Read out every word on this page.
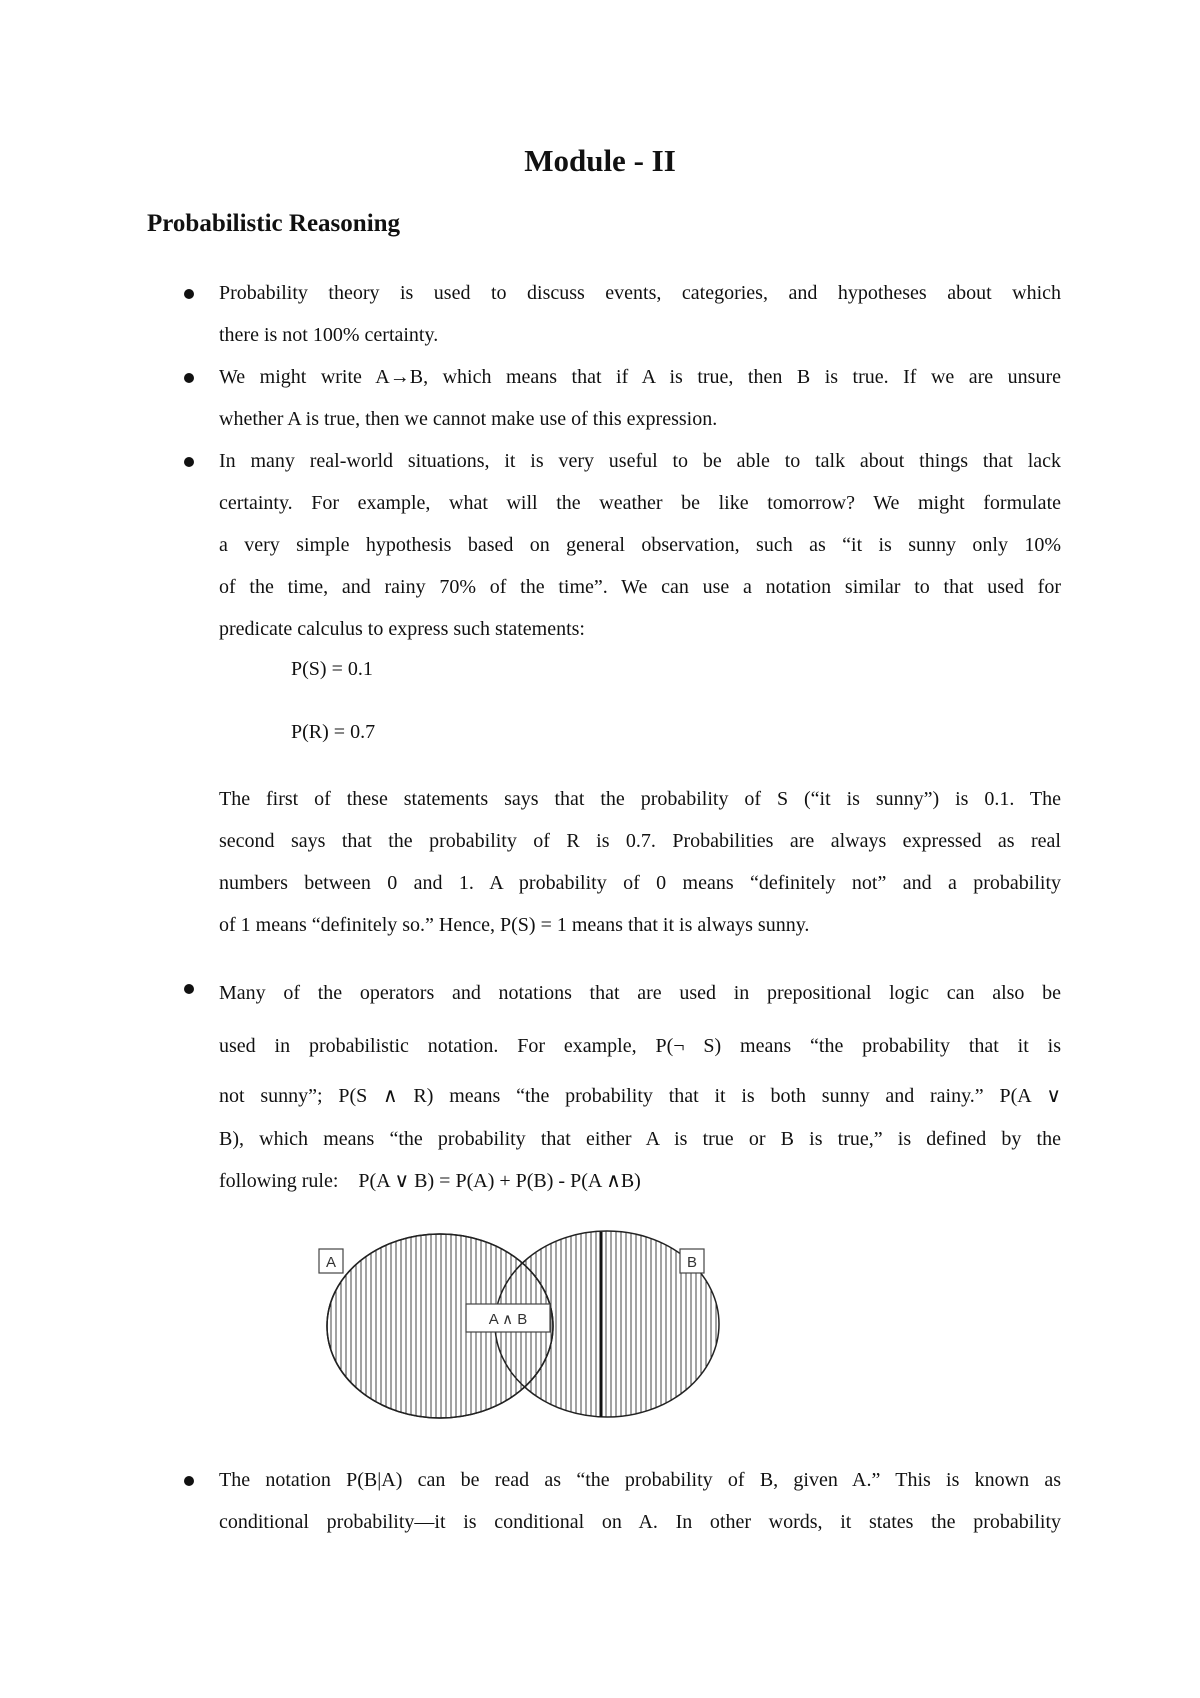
Module - II
Probabilistic Reasoning
Probability theory is used to discuss events, categories, and hypotheses about which
there is not 100% certainty.
We might write A→B, which means that if A is true, then B is true. If we are unsure
whether A is true, then we cannot make use of this expression.
In many real-world situations, it is very useful to be able to talk about things that lack
certainty. For example, what will the weather be like tomorrow? We might formulate
a very simple hypothesis based on general observation, such as “it is sunny only 10%
of the time, and rainy 70% of the time”. We can use a notation similar to that used for
predicate calculus to express such statements:
P(S) = 0.1
P(R) = 0.7
The first of these statements says that the probability of S (“it is sunny”) is 0.1. The
second says that the probability of R is 0.7. Probabilities are always expressed as real
numbers between 0 and 1. A probability of 0 means “definitely not” and a probability
of 1 means “definitely so.” Hence, P(S) = 1 means that it is always sunny.
Many of the operators and notations that are used in prepositional logic can also be
used in probabilistic notation. For example, P(¬ S) means “the probability that it is
not sunny”; P(S ∧ R) means “the probability that it is both sunny and rainy.” P(A ∨
B), which means “the probability that either A is true or B is true,” is defined by the
following rule:    P(A ∨ B) = P(A) + P(B) - P(A ∧B)
A	B
A ∧ B
The notation P(B|A) can be read as “the probability of B, given A.” This is known as
conditional probability—it is conditional on A. In other words, it states the probability
